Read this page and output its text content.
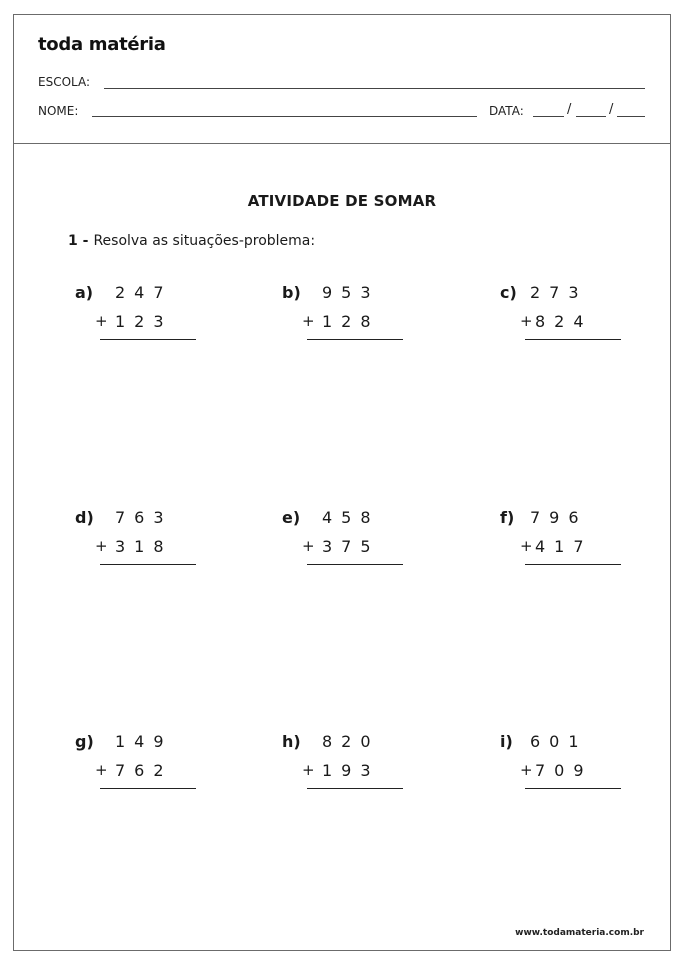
toda matéria
ESCOLA:
NOME:	DATA:	/	/
ATIVIDADE DE SOMAR
1 - Resolva as situações-problema:
a) 247
+ 123
b) 953
+ 128
c) 273
+ 824
d) 763
+ 318
e) 458
+ 375
f) 796
+ 417
g) 149
+ 762
h) 820
+ 193
i) 601
+ 709
www.todamateria.com.br
